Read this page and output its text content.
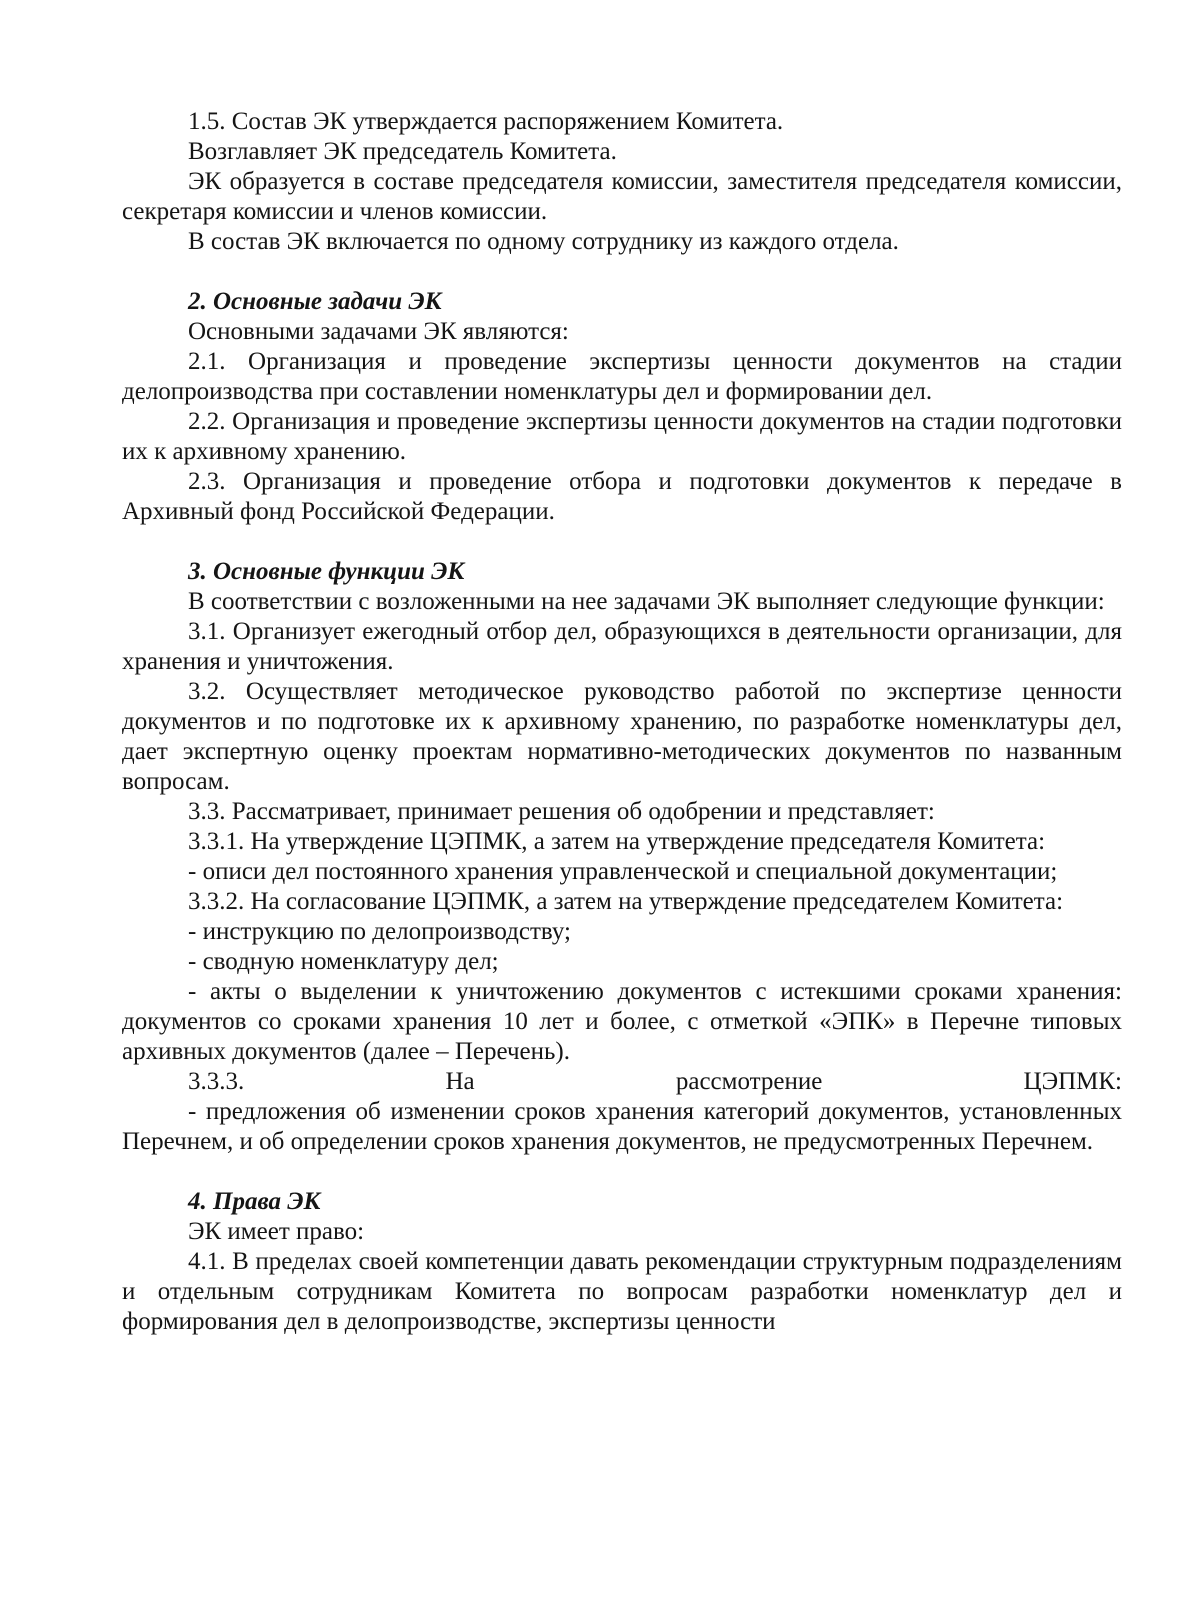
1.5. Состав ЭК утверждается распоряжением Комитета.

Возглавляет ЭК председатель Комитета.

ЭК образуется в составе председателя комиссии, заместителя председателя комиссии, секретаря комиссии и членов комиссии.

В состав ЭК включается по одному сотруднику из каждого отдела.

2. Основные задачи ЭК

Основными задачами ЭК являются:

2.1. Организация и проведение экспертизы ценности документов на стадии делопроизводства при составлении номенклатуры дел и формировании дел.

2.2. Организация и проведение экспертизы ценности документов на стадии подготовки их к архивному хранению.

2.3. Организация и проведение отбора и подготовки документов к передаче в Архивный фонд Российской Федерации.

3. Основные функции ЭК

В соответствии с возложенными на нее задачами ЭК выполняет следующие функции:

3.1. Организует ежегодный отбор дел, образующихся в деятельности организации, для хранения и уничтожения.

3.2. Осуществляет методическое руководство работой по экспертизе ценности документов и по подготовке их к архивному хранению, по разработке номенклатуры дел, дает экспертную оценку проектам нормативно-методических документов по названным вопросам.

3.3. Рассматривает, принимает решения об одобрении и представляет:

3.3.1. На утверждение ЦЭПМК, а затем на утверждение председателя Комитета:

- описи дел постоянного хранения управленческой и специальной документации;

3.3.2. На согласование ЦЭПМК, а затем на утверждение председателем Комитета:

- инструкцию по делопроизводству;

- сводную номенклатуру дел;

- акты о выделении к уничтожению документов с истекшими сроками хранения: документов со сроками хранения 10 лет и более, с отметкой «ЭПК» в Перечне типовых архивных документов (далее – Перечень).

3.3.3. На рассмотрение ЦЭПМК:

- предложения об изменении сроков хранения категорий документов, установленных Перечнем, и об определении сроков хранения документов, не предусмотренных Перечнем.

4. Права ЭК

ЭК имеет право:

4.1. В пределах своей компетенции давать рекомендации структурным подразделениям и отдельным сотрудникам Комитета по вопросам разработки номенклатур дел и формирования дел в делопроизводстве, экспертизы ценности
